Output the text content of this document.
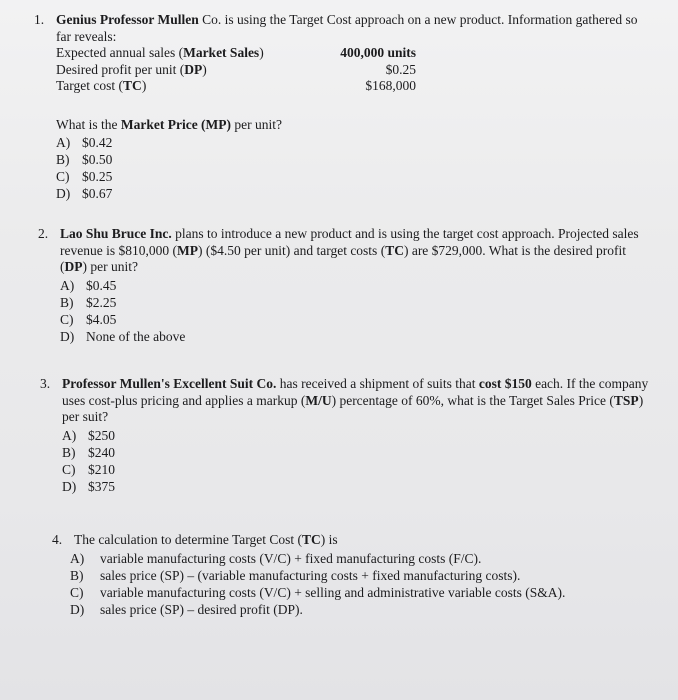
1. Genius Professor Mullen Co. is using the Target Cost approach on a new product. Information gathered so far reveals:
Expected annual sales (Market Sales)	400,000 units
Desired profit per unit (DP)	$0.25
Target cost (TC)	$168,000
What is the Market Price (MP) per unit?
A) $0.42
B) $0.50
C) $0.25
D) $0.67
2. Lao Shu Bruce Inc. plans to introduce a new product and is using the target cost approach. Projected sales revenue is $810,000 (MP) ($4.50 per unit) and target costs (TC) are $729,000. What is the desired profit (DP) per unit?
A) $0.45
B) $2.25
C) $4.05
D) None of the above
3. Professor Mullen's Excellent Suit Co. has received a shipment of suits that cost $150 each. If the company uses cost-plus pricing and applies a markup (M/U) percentage of 60%, what is the Target Sales Price (TSP) per suit?
A) $250
B) $240
C) $210
D) $375
4. The calculation to determine Target Cost (TC) is
A)	variable manufacturing costs (V/C) + fixed manufacturing costs (F/C).
B)	sales price (SP) – (variable manufacturing costs + fixed manufacturing costs).
C)	variable manufacturing costs (V/C) + selling and administrative variable costs (S&A).
D)	sales price (SP) – desired profit (DP).
